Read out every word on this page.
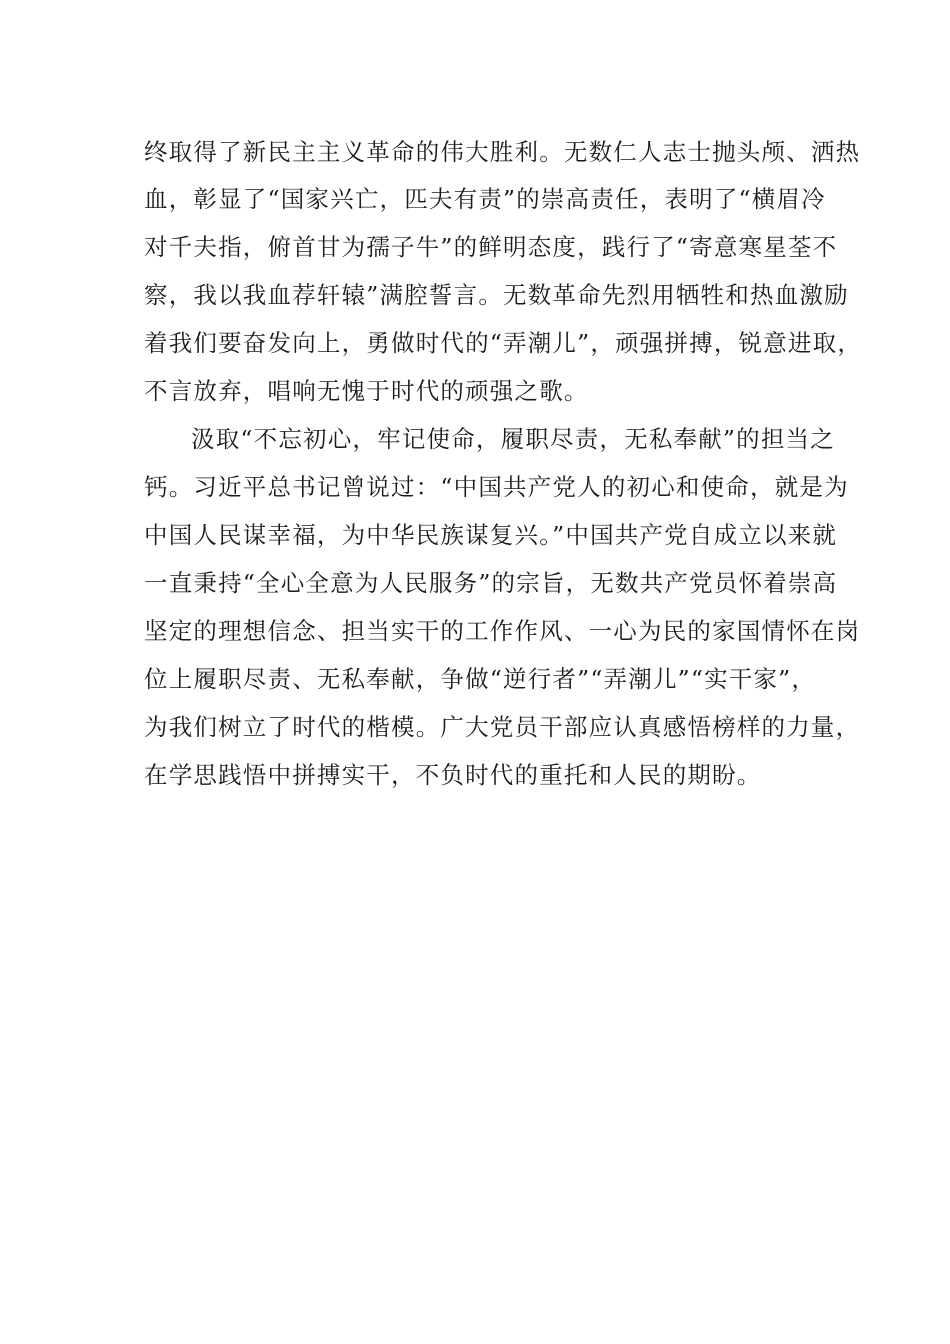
终取得了新民主主义革命的伟大胜利。无数仁人志士抛头颅、洒热
血，彰显了“国家兴亡，匹夫有责”的崇高责任，表明了“横眉冷
对千夫指，俯首甘为孺子牛”的鲜明态度，践行了“寄意寒星荃不
察，我以我血荐轩辕”满腔誓言。无数革命先烈用牺牲和热血激励
着我们要奋发向上，勇做时代的“弄潮儿”，顽强拼搏，锐意进取，
不言放弃，唱响无愧于时代的顽强之歌。
汲取“不忘初心，牢记使命，履职尽责，无私奉献”的担当之
钙。习近平总书记曾说过：“中国共产党人的初心和使命，就是为
中国人民谋幸福，为中华民族谋复兴。”中国共产党自成立以来就
一直秉持“全心全意为人民服务”的宗旨，无数共产党员怀着崇高
坚定的理想信念、担当实干的工作作风、一心为民的家国情怀在岗
位上履职尽责、无私奉献，争做“逆行者”“弄潮儿”“实干家”，
为我们树立了时代的楷模。广大党员干部应认真感悟榜样的力量，
在学思践悟中拼搏实干，不负时代的重托和人民的期盼。
